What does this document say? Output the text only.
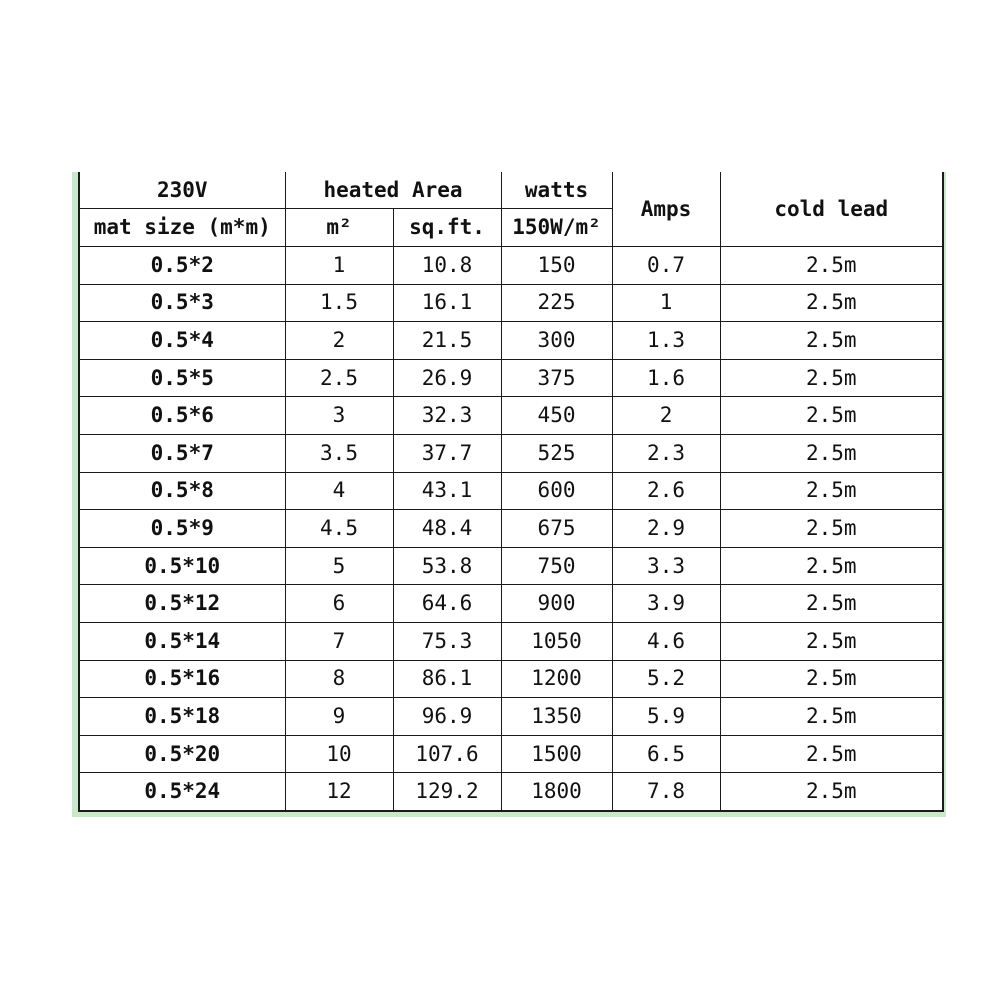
230V	heated Area		watts	Amps	cold lead
mat size (m*m)	m²	sq.ft.	150W/m²		
0.5*2	1	10.8	150	0.7	2.5m
0.5*3	1.5	16.1	225	1	2.5m
0.5*4	2	21.5	300	1.3	2.5m
0.5*5	2.5	26.9	375	1.6	2.5m
0.5*6	3	32.3	450	2	2.5m
0.5*7	3.5	37.7	525	2.3	2.5m
0.5*8	4	43.1	600	2.6	2.5m
0.5*9	4.5	48.4	675	2.9	2.5m
0.5*10	5	53.8	750	3.3	2.5m
0.5*12	6	64.6	900	3.9	2.5m
0.5*14	7	75.3	1050	4.6	2.5m
0.5*16	8	86.1	1200	5.2	2.5m
0.5*18	9	96.9	1350	5.9	2.5m
0.5*20	10	107.6	1500	6.5	2.5m
0.5*24	12	129.2	1800	7.8	2.5m
